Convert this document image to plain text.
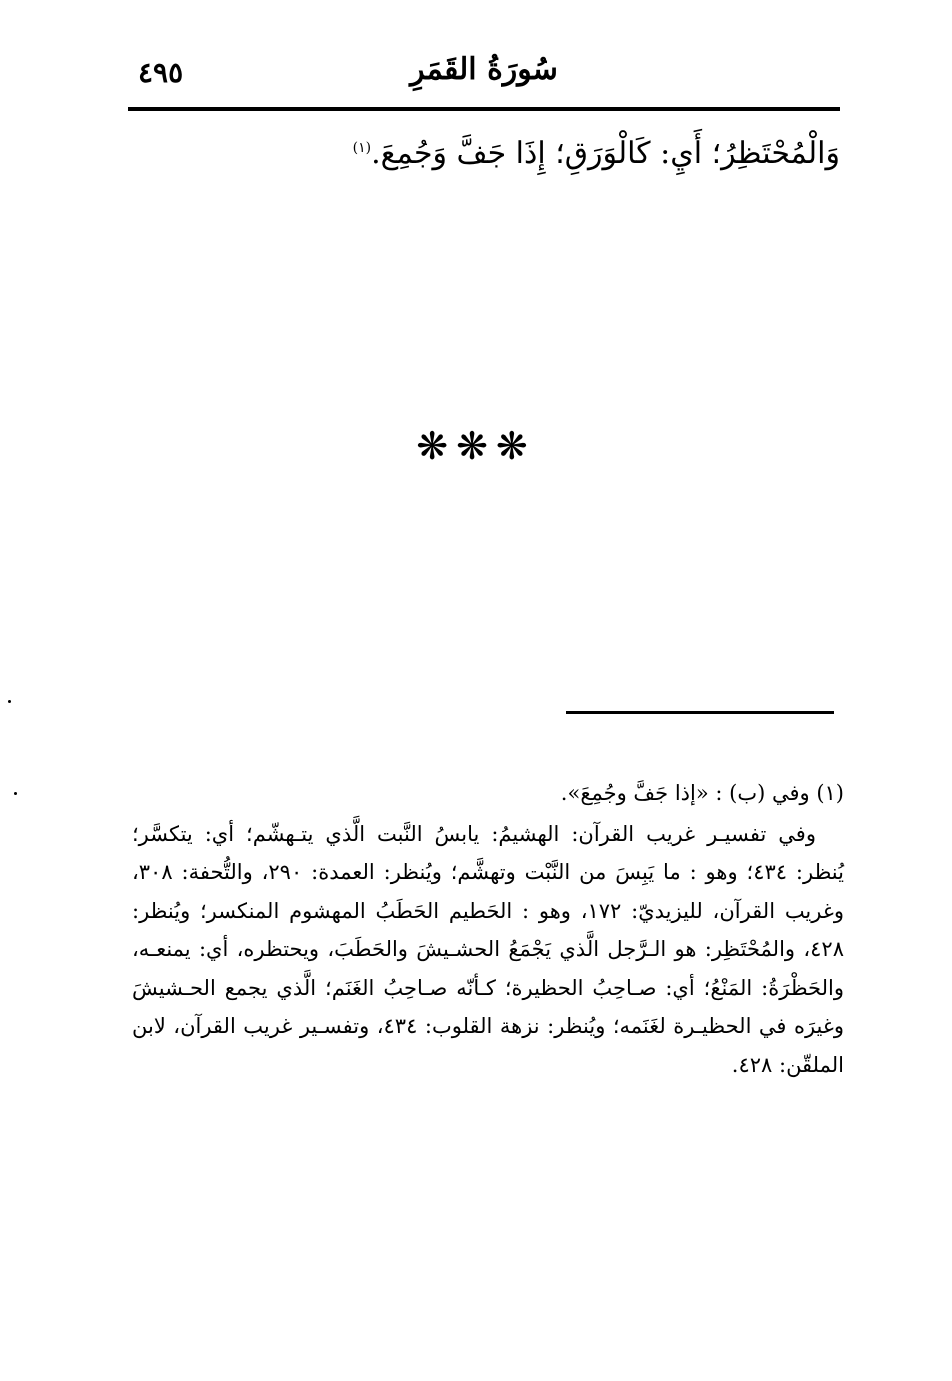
٤٩٥	سُورَةُ القَمَرِ
وَالْمُحْتَظِرُ؛ أَيِ: كَالْوَرَقِ؛ إِذَا جَفَّ وَجُمِعَ.$^{(١)}$
❋❋❋

(١) وفي (ب) : «إذا جَفَّ وجُمِعَ».

وفي تفسيـر غريب القرآن: الهشيمُ: يابسُ النَّبت الَّذي يتـهشّم؛ أي: يتكسَّر؛ يُنظر: ٤٣٤؛ وهو : ما يَبِسَ من النَّبْت وتهشَّم؛ ويُنظر: العمدة: ٢٩٠، والتُّحفة: ٣٠٨، وغريب القرآن، لليزيديّ: ١٧٢، وهو : الحَطيم الحَطَبُ المهشوم المنكسر؛ ويُنظر: ٤٢٨، والمُحْتَظِر: هو الـرَّجل الَّذي يَجْمَعُ الحشـيشَ والحَطَبَ، ويحتظره، أي: يمنعـه، والحَظْرَةُ: المَنْعُ؛ أي: صـاحِبُ الحظيرة؛ كـأنّه صـاحِبُ الغَنَم؛ الَّذي يجمع الحـشيشَ وغيرَه في الحظيـرة لغَنَمه؛ ويُنظر: نزهة القلوب: ٤٣٤، وتفسـير غريب القرآن، لابن الملقّن: ٤٢٨.
